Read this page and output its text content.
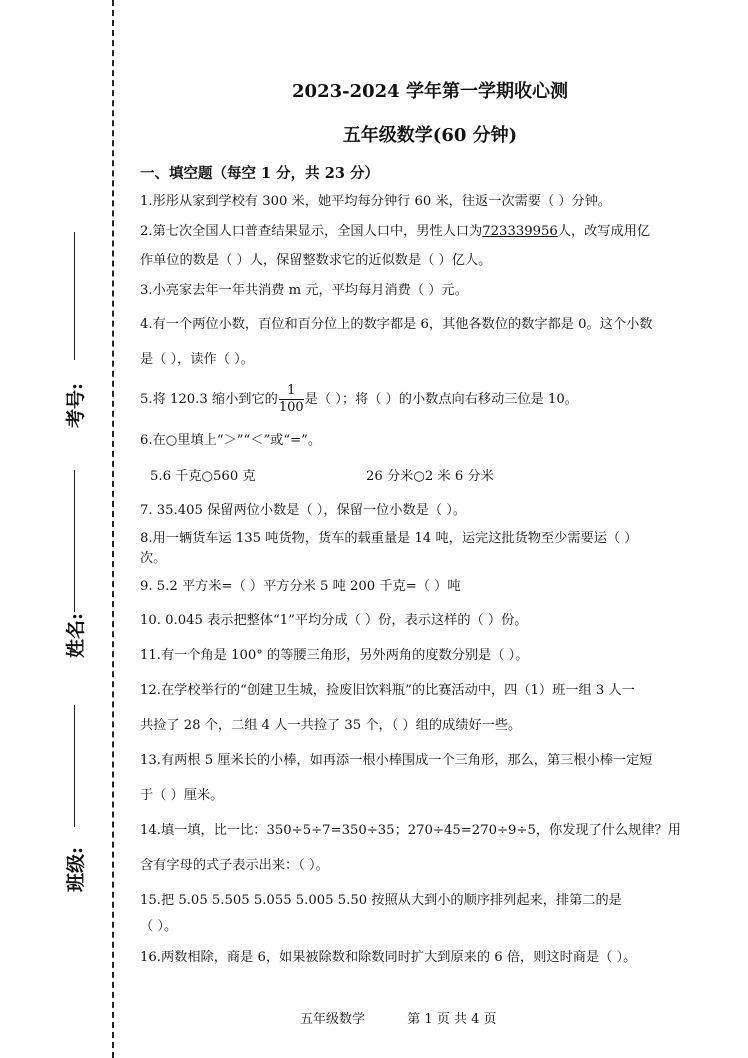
考号:
姓名:
班级:
2023-2024 学年第一学期收心测
五年级数学(60 分钟)
一、填空题（每空 1 分，共 23 分）
1.彤彤从家到学校有 300 米，她平均每分钟行 60 米，往返一次需要（ ）分钟。
2.第七次全国人口普查结果显示，全国人口中，男性人口为723339956人，改写成用亿
作单位的数是（ ）人，保留整数求它的近似数是（ ）亿人。
3.小亮家去年一年共消费 m 元，平均每月消费（ ）元。
4.有一个两位小数，百位和百分位上的数字都是 6，其他各数位的数字都是 0。这个小数
是（ ），读作（ ）。
5.将 120.3 缩小到它的 $\frac{1}{100}$ 是（ ）；将（ ）的小数点向右移动三位是 10。
6.在○里填上“＞”“＜”或“=”。
5.6 千克○560 克	26 分米○2 米 6 分米
7. 35.405 保留两位小数是（ ），保留一位小数是（ ）。
8.用一辆货车运 135 吨货物，货车的载重量是 14 吨，运完这批货物至少需要运（ ）
次。
9. 5.2 平方米=（ ）平方分米 5 吨 200 千克=（ ）吨
10. 0.045 表示把整体“1”平均分成（ ）份，表示这样的（ ）份。
11.有一个角是 100° 的等腰三角形，另外两角的度数分别是（ ）。
12.在学校举行的“创建卫生城，捡废旧饮料瓶”的比赛活动中，四（1）班一组 3 人一
共捡了 28 个，二组 4 人一共捡了 35 个，（ ）组的成绩好一些。
13.有两根 5 厘米长的小棒，如再添一根小棒围成一个三角形，那么，第三根小棒一定短
于（ ）厘米。
14.填一填，比一比：350÷5÷7=350÷35；270÷45=270÷9÷5，你发现了什么规律？用
含有字母的式子表示出来：（ ）。
15.把 5.05 5.505 5.055 5.005 5.50 按照从大到小的顺序排列起来，排第二的是
（ ）。
16.两数相除，商是 6，如果被除数和除数同时扩大到原来的 6 倍，则这时商是（ ）。
五年级数学	第 1 页 共 4 页
